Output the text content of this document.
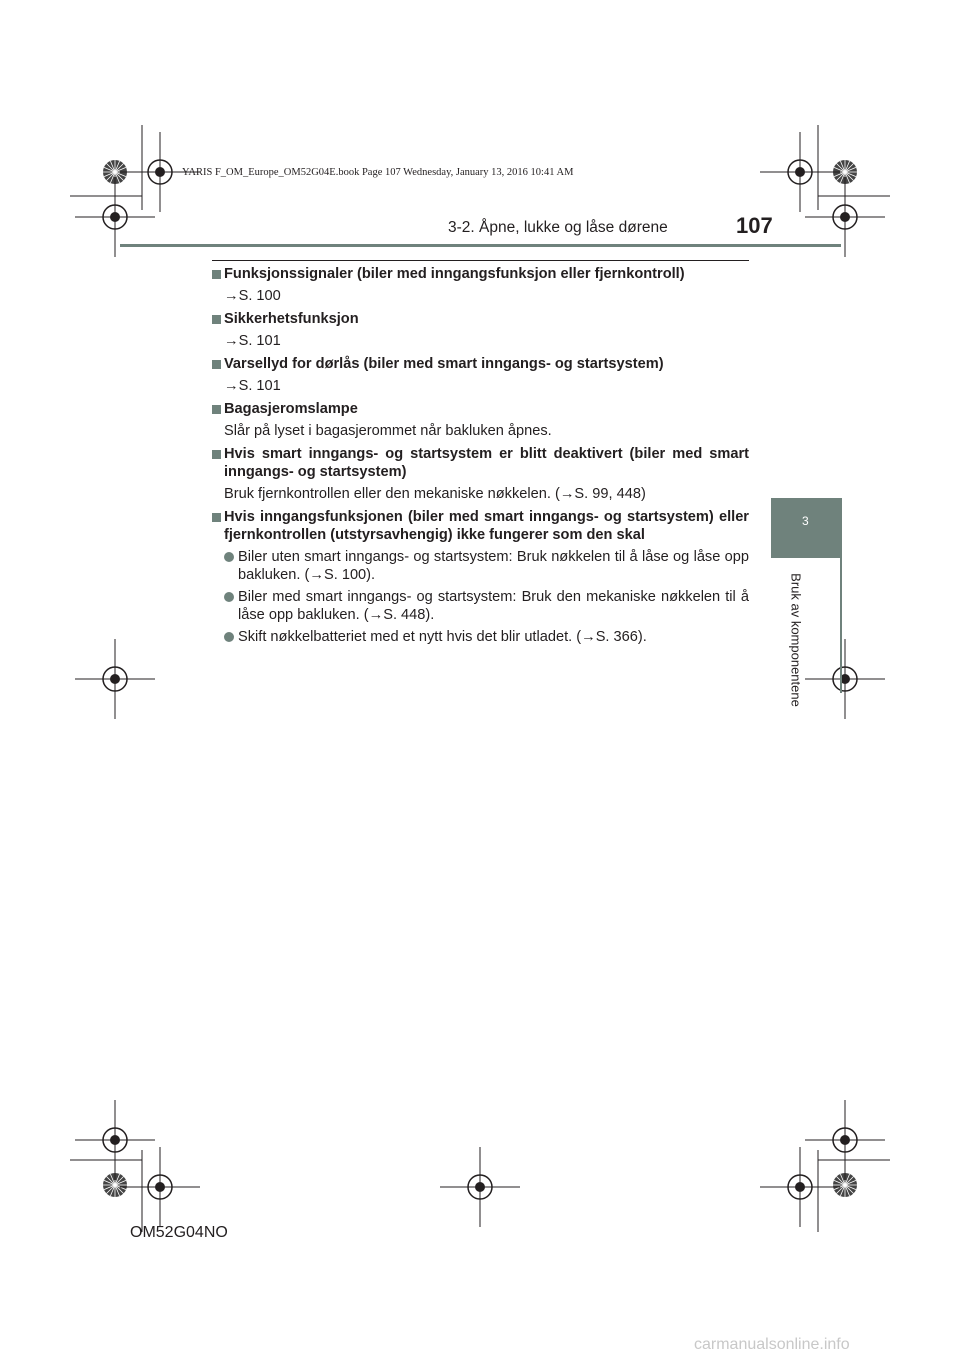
YARIS F_OM_Europe_OM52G04E.book Page 107 Wednesday, January 13, 2016 10:41 AM
3-2. Åpne, lukke og låse dørene	107
3
Bruk av komponentene
Funksjonssignaler (biler med inngangsfunksjon eller fjernkontroll)
→S. 100
Sikkerhetsfunksjon
→S. 101
Varsellyd for dørlås (biler med smart inngangs- og startsystem)
→S. 101
Bagasjeromslampe
Slår på lyset i bagasjerommet når bakluken åpnes.
Hvis smart inngangs- og startsystem er blitt deaktivert (biler med smart inngangs- og startsystem)
Bruk fjernkontrollen eller den mekaniske nøkkelen. (→S. 99, 448)
Hvis inngangsfunksjonen (biler med smart inngangs- og startsystem) eller fjernkontrollen (utstyrsavhengig) ikke fungerer som den skal
Biler uten smart inngangs- og startsystem: Bruk nøkkelen til å låse og låse opp bakluken. (→S. 100).
Biler med smart inngangs- og startsystem: Bruk den mekaniske nøkkelen til å låse opp bakluken. (→S. 448).
Skift nøkkelbatteriet med et nytt hvis det blir utladet. (→S. 366).
OM52G04NO
carmanualsonline.info
